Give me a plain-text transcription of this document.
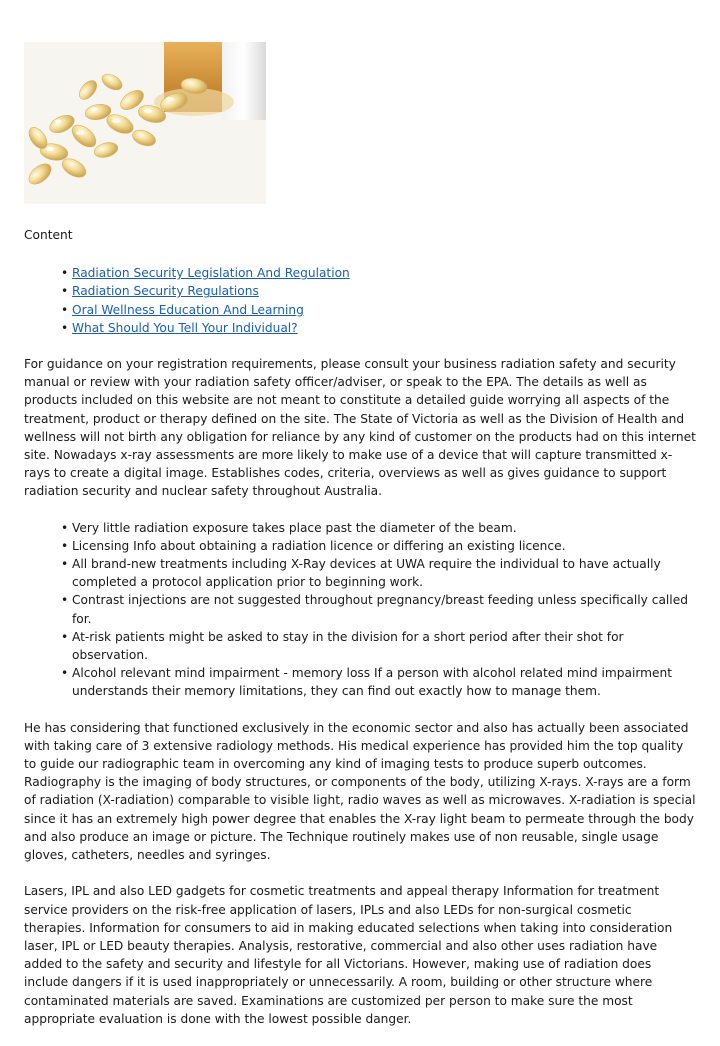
Content
• Radiation Security Legislation And Regulation
• Radiation Security Regulations
• Oral Wellness Education And Learning
• What Should You Tell Your Individual?

For guidance on your registration requirements, please consult your business radiation safety and security manual or review with your radiation safety officer/adviser, or speak to the EPA. The details as well as products included on this website are not meant to constitute a detailed guide worrying all aspects of the treatment, product or therapy defined on the site. The State of Victoria as well as the Division of Health and wellness will not birth any obligation for reliance by any kind of customer on the products had on this internet site. Nowadays x-ray assessments are more likely to make use of a device that will capture transmitted x-rays to create a digital image. Establishes codes, criteria, overviews as well as gives guidance to support radiation security and nuclear safety throughout Australia.

• Very little radiation exposure takes place past the diameter of the beam.
• Licensing Info about obtaining a radiation licence or differing an existing licence.
• All brand-new treatments including X-Ray devices at UWA require the individual to have actually completed a protocol application prior to beginning work.
• Contrast injections are not suggested throughout pregnancy/breast feeding unless specifically called for.
• At-risk patients might be asked to stay in the division for a short period after their shot for observation.
• Alcohol relevant mind impairment - memory loss If a person with alcohol related mind impairment understands their memory limitations, they can find out exactly how to manage them.

He has considering that functioned exclusively in the economic sector and also has actually been associated with taking care of 3 extensive radiology methods. His medical experience has provided him the top quality to guide our radiographic team in overcoming any kind of imaging tests to produce superb outcomes. Radiography is the imaging of body structures, or components of the body, utilizing X-rays. X-rays are a form of radiation (X-radiation) comparable to visible light, radio waves as well as microwaves. X-radiation is special since it has an extremely high power degree that enables the X-ray light beam to permeate through the body and also produce an image or picture. The Technique routinely makes use of non reusable, single usage gloves, catheters, needles and syringes.

Lasers, IPL and also LED gadgets for cosmetic treatments and appeal therapy Information for treatment service providers on the risk-free application of lasers, IPLs and also LEDs for non-surgical cosmetic therapies. Information for consumers to aid in making educated selections when taking into consideration laser, IPL or LED beauty therapies. Analysis, restorative, commercial and also other uses radiation have added to the safety and security and lifestyle for all Victorians. However, making use of radiation does include dangers if it is used inappropriately or unnecessarily. A room, building or other structure where contaminated materials are saved. Examinations are customized per person to make sure the most appropriate evaluation is done with the lowest possible danger.
